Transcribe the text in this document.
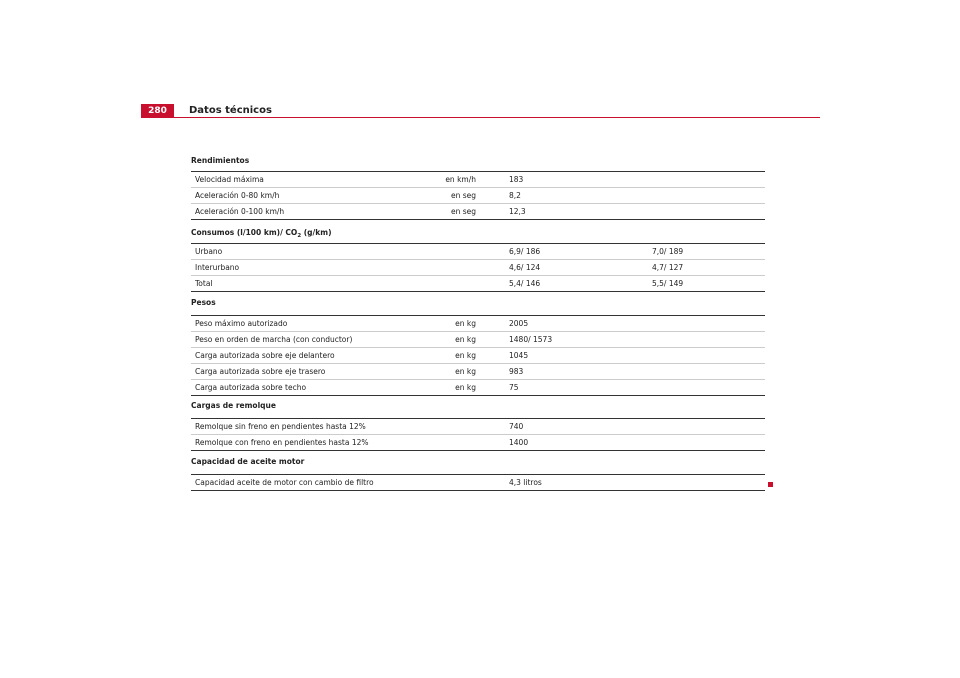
280	Datos técnicos
Rendimientos
Velocidad máxima	en km/h	183
Aceleración 0-80 km/h	en seg	8,2
Aceleración 0-100 km/h	en seg	12,3
Consumos (l/100 km)/ $CO_2$ (g/km)
Urbano	6,9/ 186	7,0/ 189
Interurbano	4,6/ 124	4,7/ 127
Total	5,4/ 146	5,5/ 149
Pesos
Peso máximo autorizado	en kg	2005
Peso en orden de marcha (con conductor)	en kg	1480/ 1573
Carga autorizada sobre eje delantero	en kg	1045
Carga autorizada sobre eje trasero	en kg	983
Carga autorizada sobre techo	en kg	75
Cargas de remolque
Remolque sin freno en pendientes hasta 12%	740
Remolque con freno en pendientes hasta 12%	1400
Capacidad de aceite motor
Capacidad aceite de motor con cambio de filtro	4,3 litros
